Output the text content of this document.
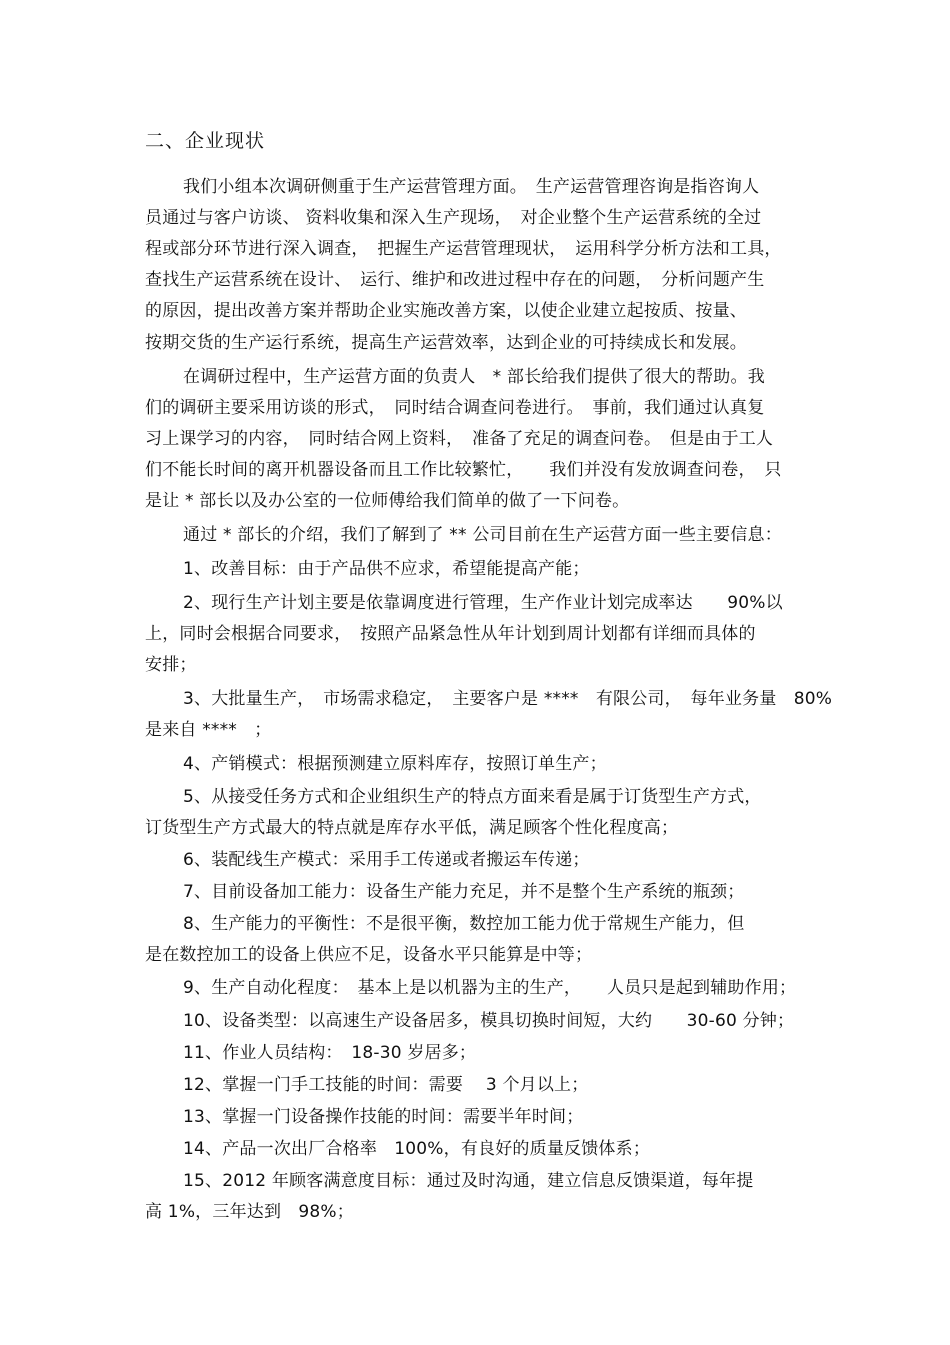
二、企业现状
我们小组本次调研侧重于生产运营管理方面。　生产运营管理咨询是指咨询人
员通过与客户访谈、 资料收集和深入生产现场，　对企业整个生产运营系统的全过
程或部分环节进行深入调查，　把握生产运营管理现状，　运用科学分析方法和工具，
查找生产运营系统在设计、　运行、维护和改进过程中存在的问题，　分析问题产生
的原因，提出改善方案并帮助企业实施改善方案，以使企业建立起按质、按量、
按期交货的生产运行系统，提高生产运营效率，达到企业的可持续成长和发展。
在调研过程中，生产运营方面的负责人　* 部长给我们提供了很大的帮助。我
们的调研主要采用访谈的形式，　同时结合调查问卷进行。　事前，我们通过认真复
习上课学习的内容，　同时结合网上资料，　准备了充足的调查问卷。　但是由于工人
们不能长时间的离开机器设备而且工作比较繁忙，　　我们并没有发放调查问卷，　只
是让 * 部长以及办公室的一位师傅给我们简单的做了一下问卷。
通过 * 部长的介绍，我们了解到了 ** 公司目前在生产运营方面一些主要信息：
1、改善目标：由于产品供不应求，希望能提高产能；
2、现行生产计划主要是依靠调度进行管理，生产作业计划完成率达　　90%以
上，同时会根据合同要求，　按照产品紧急性从年计划到周计划都有详细而具体的
安排；
3、大批量生产，　市场需求稳定，　主要客户是 ****　有限公司，　每年业务量　80%
是来自 ****　；
4、产销模式：根据预测建立原料库存，按照订单生产；
5、从接受任务方式和企业组织生产的特点方面来看是属于订货型生产方式，
订货型生产方式最大的特点就是库存水平低，满足顾客个性化程度高；
6、装配线生产模式：采用手工传递或者搬运车传递；
7、目前设备加工能力：设备生产能力充足，并不是整个生产系统的瓶颈；
8、生产能力的平衡性：不是很平衡，数控加工能力优于常规生产能力，但
是在数控加工的设备上供应不足，设备水平只能算是中等；
9、生产自动化程度：　基本上是以机器为主的生产，　　人员只是起到辅助作用；
10、设备类型：以高速生产设备居多，模具切换时间短，大约　　30-60 分钟；
11、作业人员结构：　18-30 岁居多；
12、掌握一门手工技能的时间：需要　 3 个月以上；
13、掌握一门设备操作技能的时间：需要半年时间；
14、产品一次出厂合格率　100%，有良好的质量反馈体系；
15、2012 年顾客满意度目标：通过及时沟通，建立信息反馈渠道，每年提
高 1%，三年达到　98%；
